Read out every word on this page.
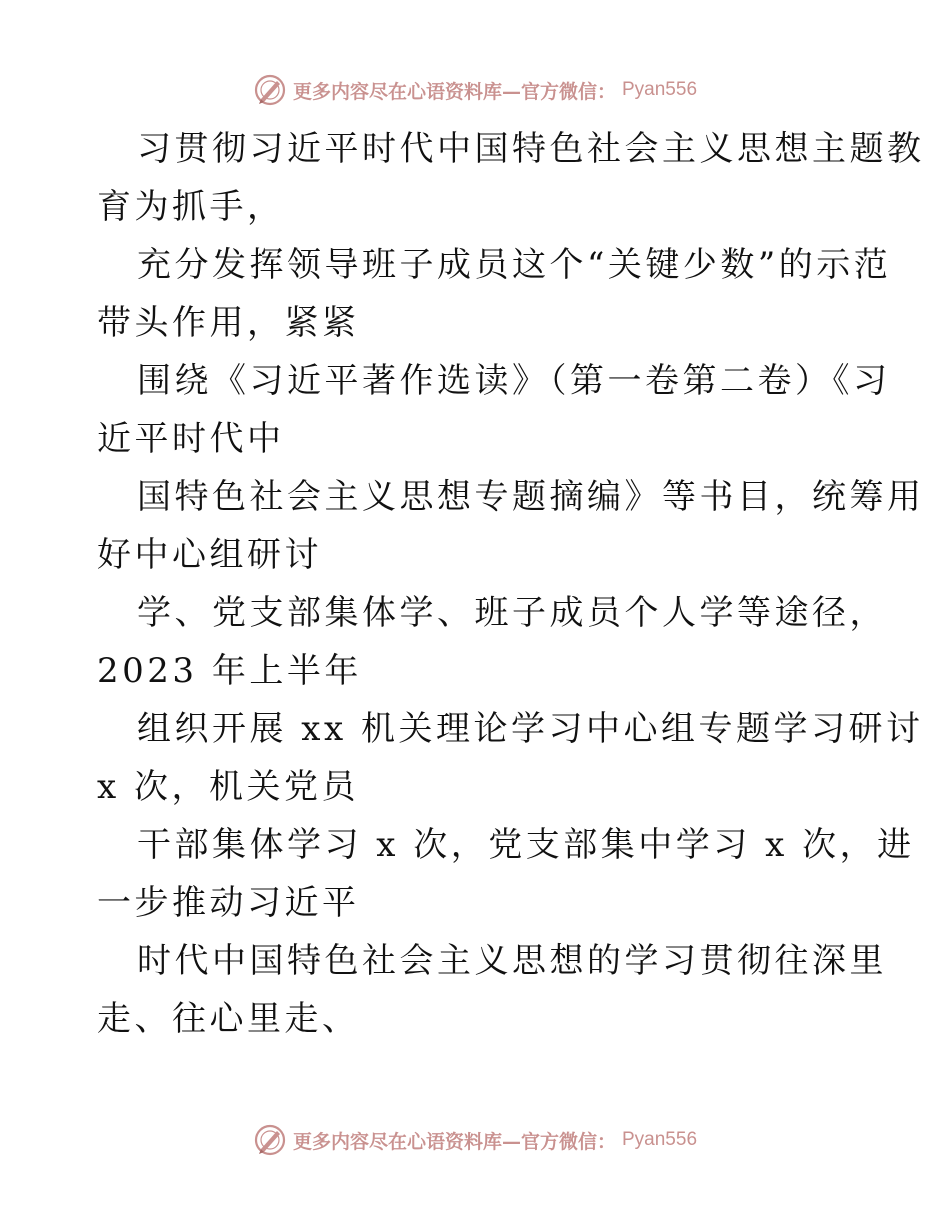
更多内容尽在心语资料库—官方微信： Pyan556

习贯彻习近平时代中国特色社会主义思想主题教

育为抓手，

充分发挥领导班子成员这个“关键少数”的示范

带头作用，紧紧

围绕《习近平著作选读》（第一卷第二卷）《习

近平时代中

国特色社会主义思想专题摘编》等书目，统筹用

好中心组研讨

学、党支部集体学、班子成员个人学等途径，

2023 年上半年

组织开展 xx 机关理论学习中心组专题学习研讨

x 次，机关党员

干部集体学习 x 次，党支部集中学习 x 次，进

一步推动习近平

时代中国特色社会主义思想的学习贯彻往深里

走、往心里走、

更多内容尽在心语资料库—官方微信： Pyan556
